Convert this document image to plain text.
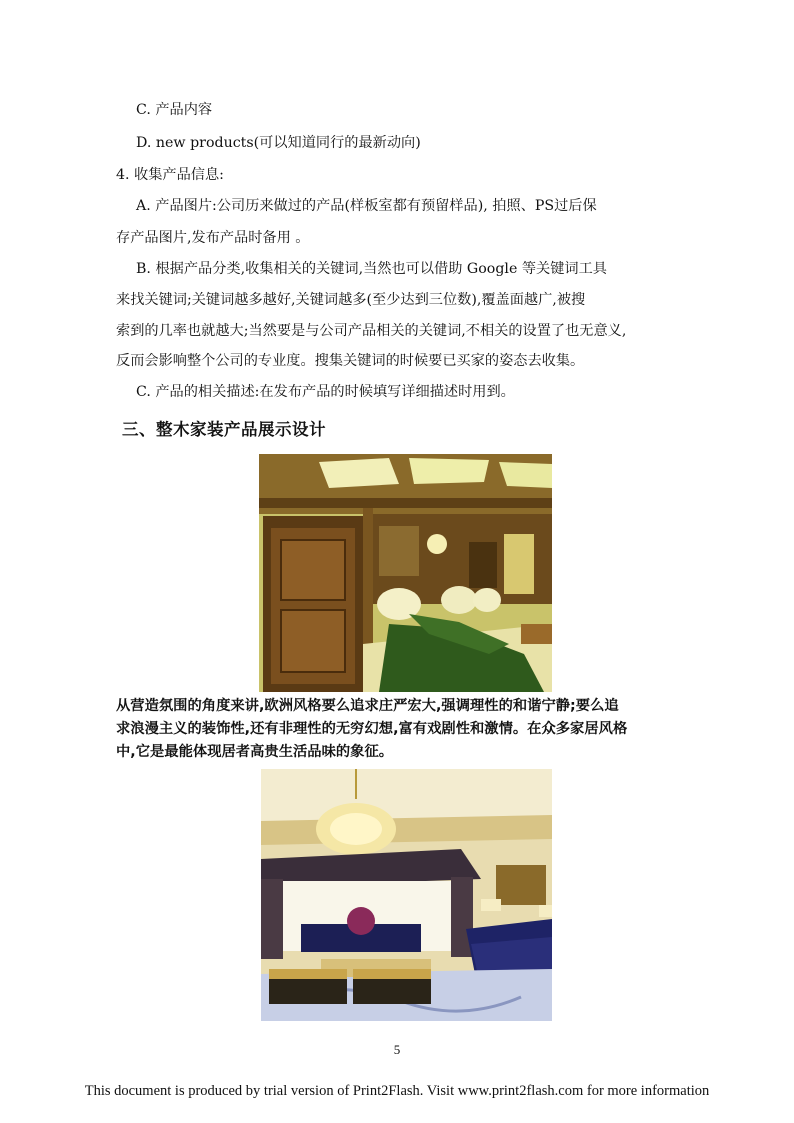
C. 产品内容
D. new products(可以知道同行的最新动向)
4. 收集产品信息:
A. 产品图片:公司历来做过的产品(样板室都有预留样品), 拍照、PS过后保
存产品图片,发布产品时备用 。
B. 根据产品分类,收集相关的关键词,当然也可以借助 Google 等关键词工具
来找关键词;关键词越多越好,关键词越多(至少达到三位数),覆盖面越广,被搜
索到的几率也就越大;当然要是与公司产品相关的关键词,不相关的设置了也无意义,
反而会影响整个公司的专业度。搜集关键词的时候要已买家的姿态去收集。
C. 产品的相关描述:在发布产品的时候填写详细描述时用到。
三、整木家装产品展示设计
从营造氛围的角度来讲,欧洲风格要么追求庄严宏大,强调理性的和谐宁静;要么追
求浪漫主义的装饰性,还有非理性的无穷幻想,富有戏剧性和激情。在众多家居风格
中,它是最能体现居者高贵生活品味的象征。
5
This document is produced by trial version of Print2Flash. Visit www.print2flash.com for more information
